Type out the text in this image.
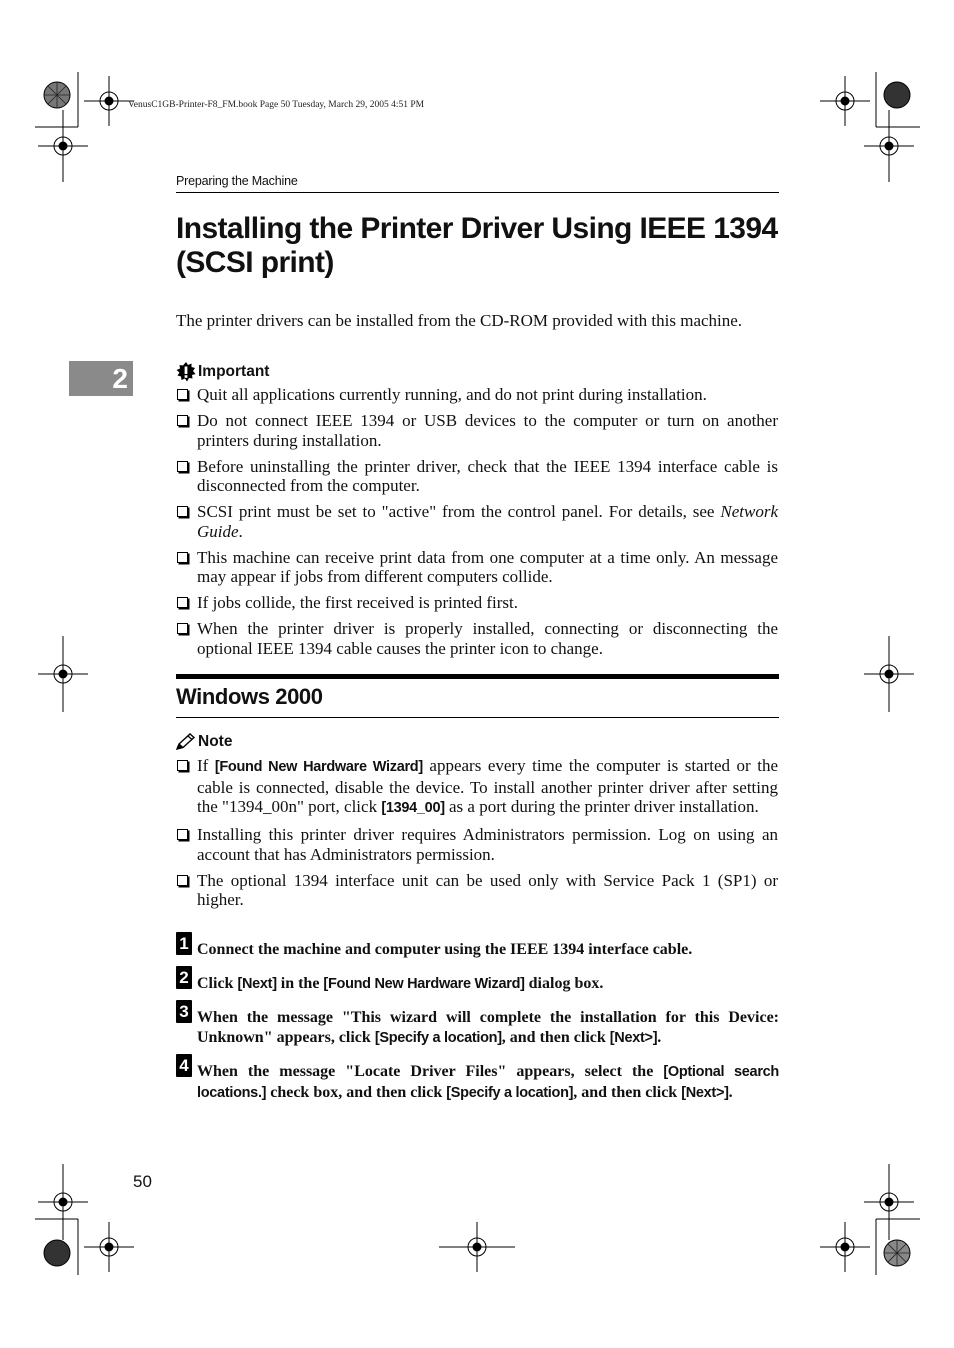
VenusC1GB-Printer-F8_FM.book Page 50 Tuesday, March 29, 2005 4:51 PM
Preparing the Machine
2
Installing the Printer Driver Using IEEE 1394 (SCSI print)

The printer drivers can be installed from the CD-ROM provided with this machine.

Important
Quit all applications currently running, and do not print during installation.
Do not connect IEEE 1394 or USB devices to the computer or turn on another printers during installation.
Before uninstalling the printer driver, check that the IEEE 1394 interface cable is disconnected from the computer.
SCSI print must be set to "active" from the control panel. For details, see Network Guide.
This machine can receive print data from one computer at a time only. An message may appear if jobs from different computers collide.
If jobs collide, the first received is printed first.
When the printer driver is properly installed, connecting or disconnecting the optional IEEE 1394 cable causes the printer icon to change.
Windows 2000
Note
If [Found New Hardware Wizard] appears every time the computer is started or the cable is connected, disable the device. To install another printer driver after setting the "1394_00n" port, click [1394_00] as a port during the printer driver installation.
Installing this printer driver requires Administrators permission. Log on using an account that has Administrators permission.
The optional 1394 interface unit can be used only with Service Pack 1 (SP1) or higher.
1 Connect the machine and computer using the IEEE 1394 interface cable.
2 Click [Next] in the [Found New Hardware Wizard] dialog box.
3 When the message "This wizard will complete the installation for this Device: Unknown" appears, click [Specify a location], and then click [Next>].
4 When the message "Locate Driver Files" appears, select the [Optional search locations.] check box, and then click [Specify a location], and then click [Next>].
50
